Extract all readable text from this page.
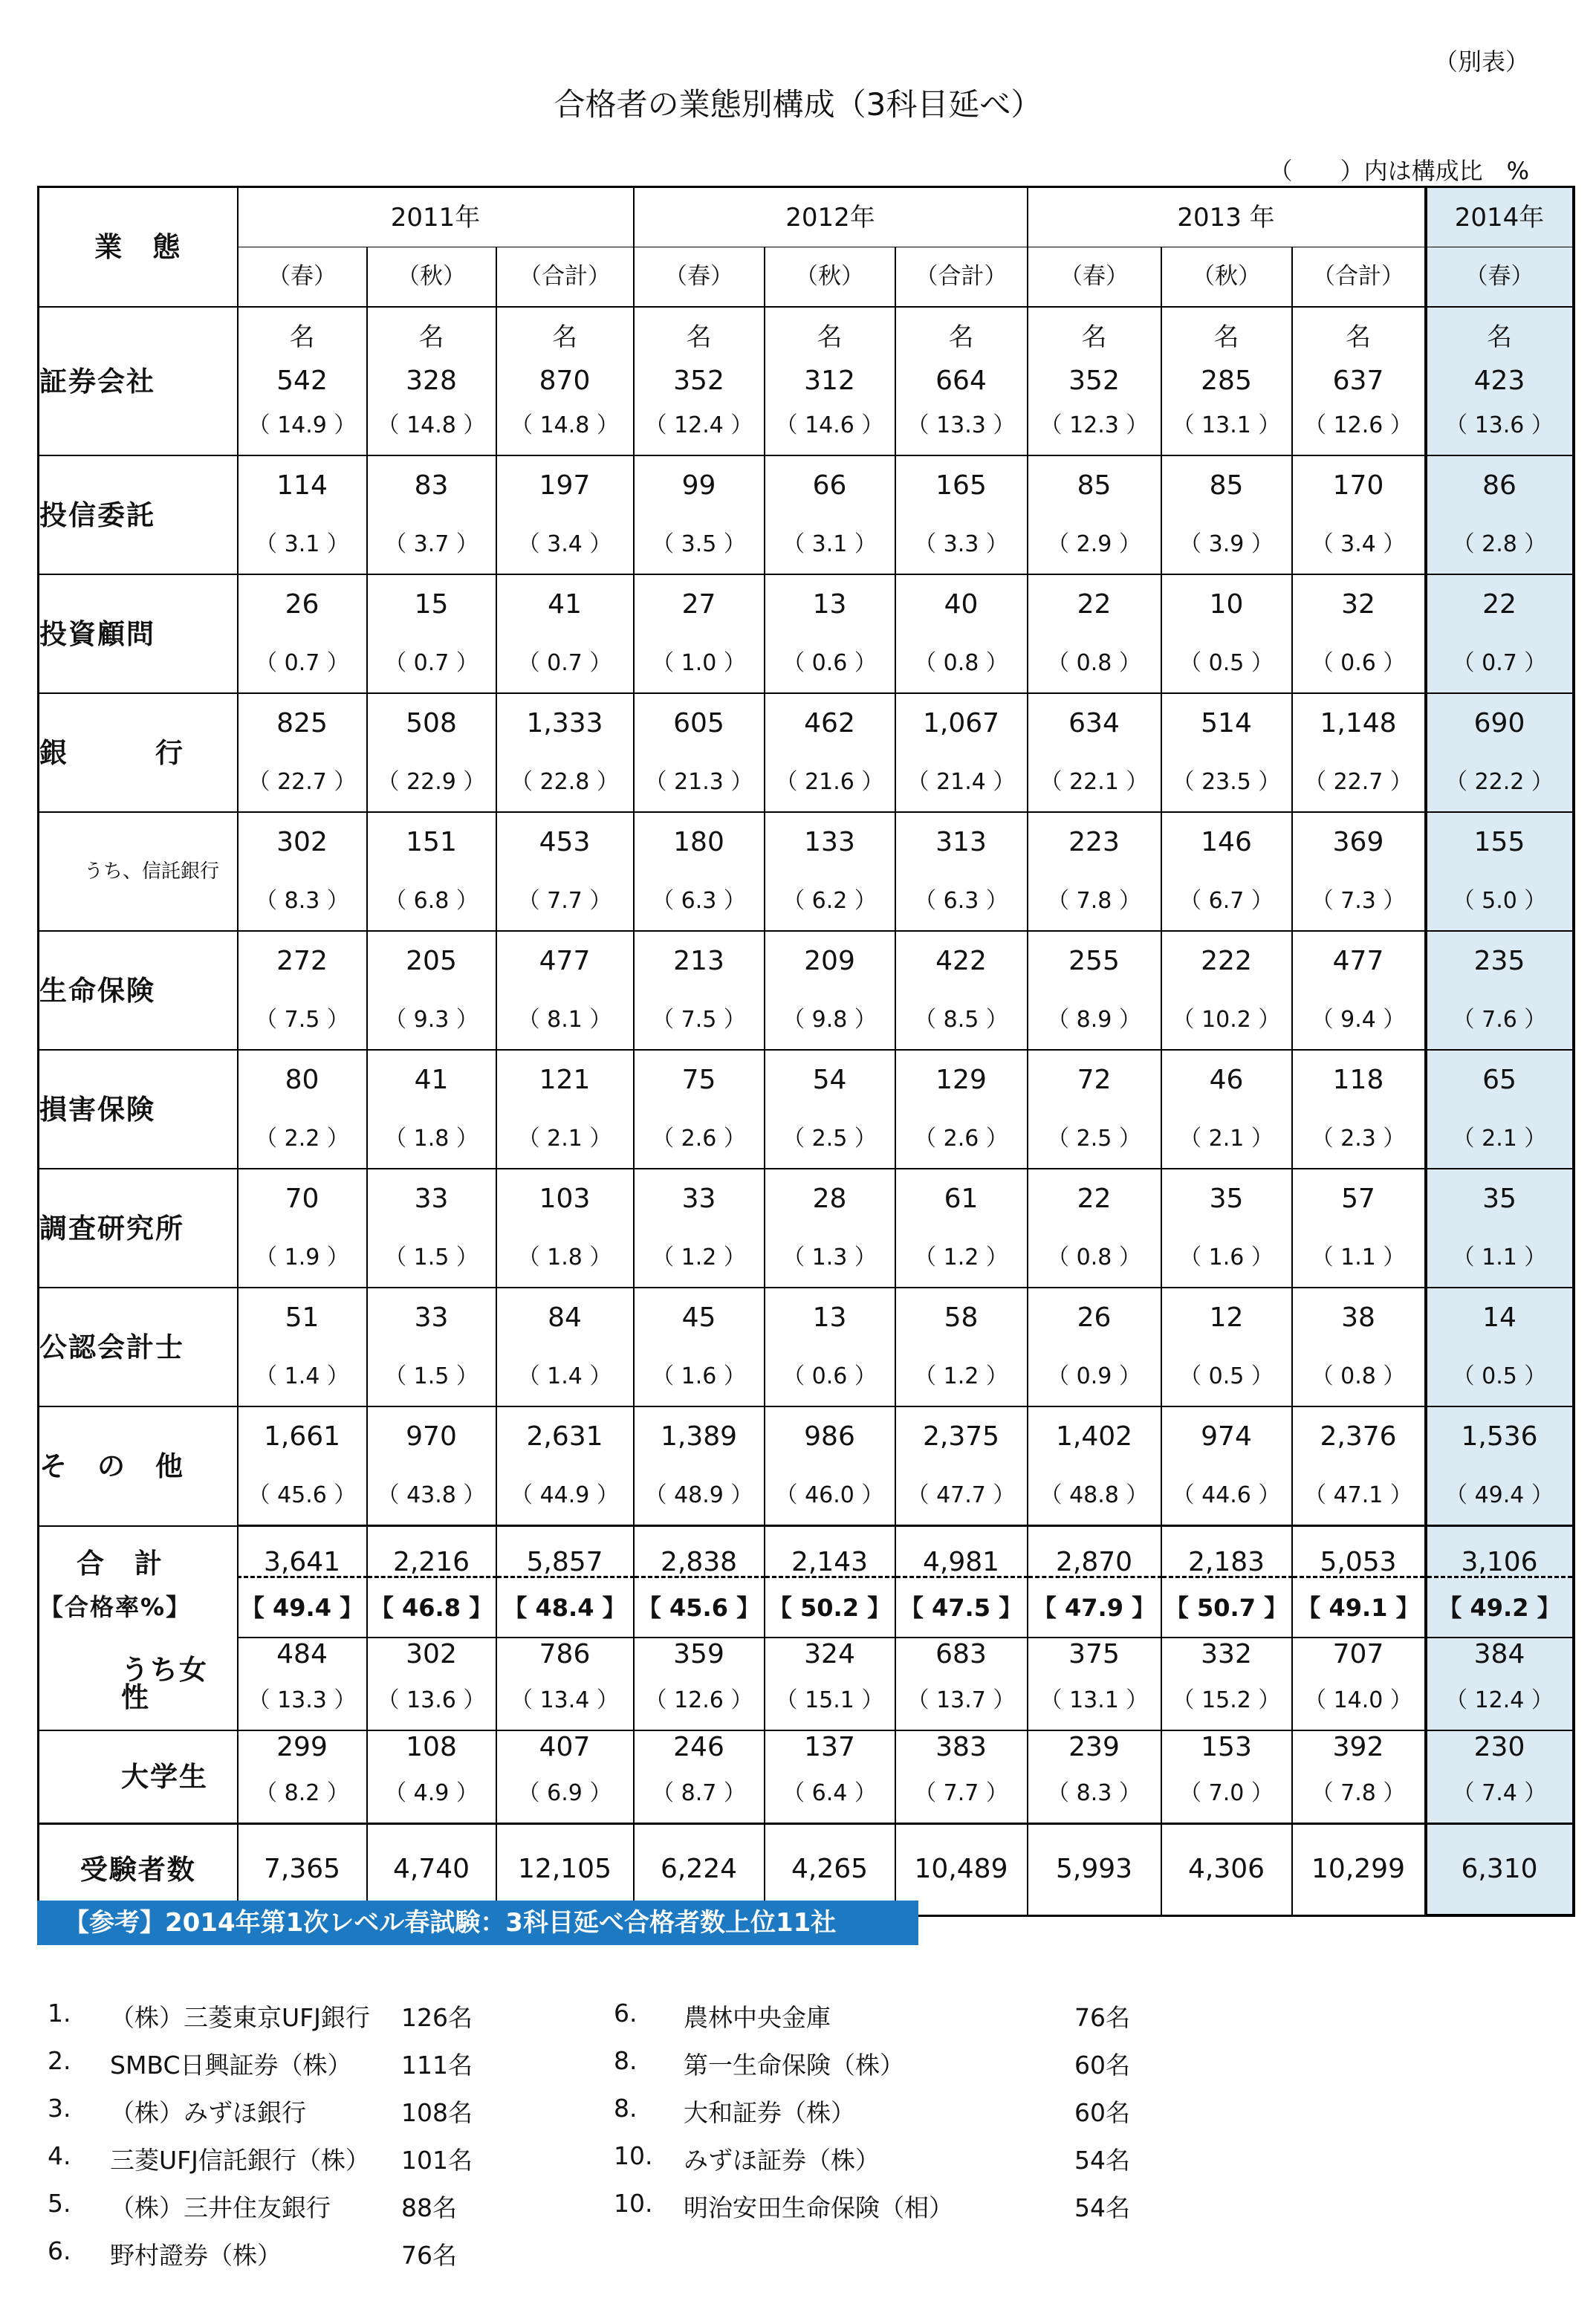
（別表）
合格者の業態別構成（3科目延べ）
（　　）内は構成比　%
業　態	2011年			2012年			2013 年			2014年
	（春）	（秋）	（合計）	（春）	（秋）	（合計）	（春）	（秋）	（合計）	（春）
証券会社	名	名	名	名	名	名	名	名	名	名
	542	328	870	352	312	664	352	285	637	423
	（ 14.9 ）	（ 14.8 ）	（ 14.8 ）	（ 12.4 ）	（ 14.6 ）	（ 13.3 ）	（ 12.3 ）	（ 13.1 ）	（ 12.6 ）	（ 13.6 ）
投信委託	114	83	197	99	66	165	85	85	170	86
	（ 3.1 ）	（ 3.7 ）	（ 3.4 ）	（ 3.5 ）	（ 3.1 ）	（ 3.3 ）	（ 2.9 ）	（ 3.9 ）	（ 3.4 ）	（ 2.8 ）
投資顧問	26	15	41	27	13	40	22	10	32	22
	（ 0.7 ）	（ 0.7 ）	（ 0.7 ）	（ 1.0 ）	（ 0.6 ）	（ 0.8 ）	（ 0.8 ）	（ 0.5 ）	（ 0.6 ）	（ 0.7 ）
銀　　　行	825	508	1,333	605	462	1,067	634	514	1,148	690
	（ 22.7 ）	（ 22.9 ）	（ 22.8 ）	（ 21.3 ）	（ 21.6 ）	（ 21.4 ）	（ 22.1 ）	（ 23.5 ）	（ 22.7 ）	（ 22.2 ）
うち、信託銀行	302	151	453	180	133	313	223	146	369	155
	（ 8.3 ）	（ 6.8 ）	（ 7.7 ）	（ 6.3 ）	（ 6.2 ）	（ 6.3 ）	（ 7.8 ）	（ 6.7 ）	（ 7.3 ）	（ 5.0 ）
生命保険	272	205	477	213	209	422	255	222	477	235
	（ 7.5 ）	（ 9.3 ）	（ 8.1 ）	（ 7.5 ）	（ 9.8 ）	（ 8.5 ）	（ 8.9 ）	（ 10.2 ）	（ 9.4 ）	（ 7.6 ）
損害保険	80	41	121	75	54	129	72	46	118	65
	（ 2.2 ）	（ 1.8 ）	（ 2.1 ）	（ 2.6 ）	（ 2.5 ）	（ 2.6 ）	（ 2.5 ）	（ 2.1 ）	（ 2.3 ）	（ 2.1 ）
調査研究所	70	33	103	33	28	61	22	35	57	35
	（ 1.9 ）	（ 1.5 ）	（ 1.8 ）	（ 1.2 ）	（ 1.3 ）	（ 1.2 ）	（ 0.8 ）	（ 1.6 ）	（ 1.1 ）	（ 1.1 ）
公認会計士	51	33	84	45	13	58	26	12	38	14
	（ 1.4 ）	（ 1.5 ）	（ 1.4 ）	（ 1.6 ）	（ 0.6 ）	（ 1.2 ）	（ 0.9 ）	（ 0.5 ）	（ 0.8 ）	（ 0.5 ）
そ　の　他	1,661	970	2,631	1,389	986	2,375	1,402	974	2,376	1,536
	（ 45.6 ）	（ 43.8 ）	（ 44.9 ）	（ 48.9 ）	（ 46.0 ）	（ 47.7 ）	（ 48.8 ）	（ 44.6 ）	（ 47.1 ）	（ 49.4 ）
合　計	3,641	2,216	5,857	2,838	2,143	4,981	2,870	2,183	5,053	3,106
【合格率%】	【 49.4 】	【 46.8 】	【 48.4 】	【 45.6 】	【 50.2 】	【 47.5 】	【 47.9 】	【 50.7 】	【 49.1 】	【 49.2 】
うち女　性	484	302	786	359	324	683	375	332	707	384
	（ 13.3 ）	（ 13.6 ）	（ 13.4 ）	（ 12.6 ）	（ 15.1 ）	（ 13.7 ）	（ 13.1 ）	（ 15.2 ）	（ 14.0 ）	（ 12.4 ）
大学生	299	108	407	246	137	383	239	153	392	230
	（ 8.2 ）	（ 4.9 ）	（ 6.9 ）	（ 8.7 ）	（ 6.4 ）	（ 7.7 ）	（ 8.3 ）	（ 7.0 ）	（ 7.8 ）	（ 7.4 ）
受験者数	7,365	4,740	12,105	6,224	4,265	10,489	5,993	4,306	10,299	6,310
【参考】2014年第1次レベル春試験：3科目延べ合格者数上位11社
1. （株）三菱東京UFJ銀行 126名
2. SMBC日興証券（株） 111名
3. （株）みずほ銀行	108名
4. 三菱UFJ信託銀行（株） 101名
5. （株）三井住友銀行	88名
6. 野村證券（株）	76名
6. 農林中央金庫	76名
8. 第一生命保険（株）	60名
8. 大和証券（株）	60名
10. みずほ証券（株）	54名
10. 明治安田生命保険（相）	54名
